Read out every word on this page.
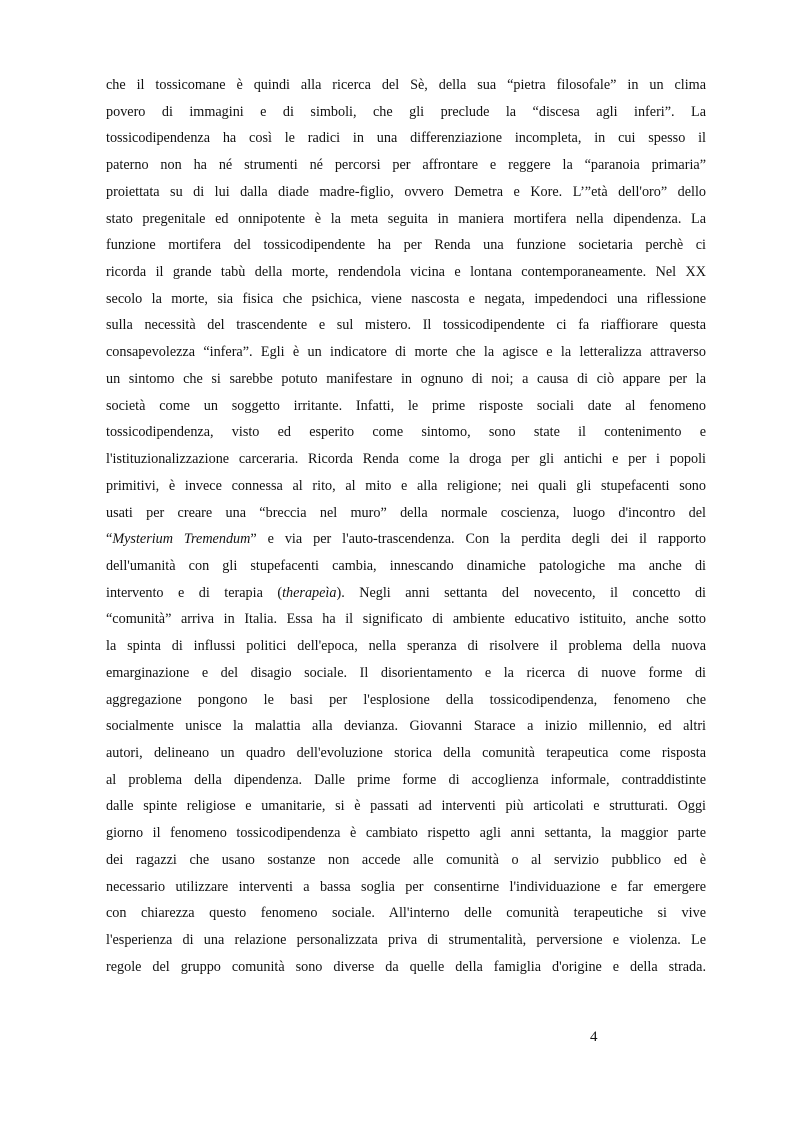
che il tossicomane è quindi alla ricerca del Sè, della sua “pietra filosofale” in un clima
povero di immagini e di simboli, che gli preclude la “discesa agli inferi”. La
tossicodipendenza ha così le radici in una differenziazione incompleta, in cui spesso il
paterno non ha né strumenti né percorsi per affrontare e reggere la “paranoia primaria”
proiettata su di lui dalla diade madre-figlio, ovvero Demetra e Kore. L’”età dell'oro” dello
stato pregenitale ed onnipotente è la meta seguita in maniera mortifera nella dipendenza. La
funzione mortifera del tossicodipendente ha per Renda una funzione societaria perchè ci
ricorda il grande tabù della morte, rendendola vicina e lontana contemporaneamente. Nel XX
secolo la morte, sia fisica che psichica, viene nascosta e negata, impedendoci una riflessione
sulla necessità del trascendente e sul mistero. Il tossicodipendente ci fa riaffiorare questa
consapevolezza “infera”. Egli è un indicatore di morte che la agisce e la letteralizza attraverso
un sintomo che si sarebbe potuto manifestare in ognuno di noi; a causa di ciò appare per la
società come un soggetto irritante. Infatti, le prime risposte sociali date al fenomeno
tossicodipendenza, visto ed esperito come sintomo, sono state il contenimento e
l'istituzionalizzazione carceraria. Ricorda Renda come la droga per gli antichi e per i popoli
primitivi, è invece connessa al rito, al mito e alla religione; nei quali gli stupefacenti sono
usati per creare una “breccia nel muro” della normale coscienza, luogo d'incontro del
“Mysterium Tremendum” e via per l'auto-trascendenza. Con la perdita degli dei il rapporto
dell'umanità con gli stupefacenti cambia, innescando dinamiche patologiche ma anche di
intervento e di terapia (therapeìa). Negli anni settanta del novecento, il concetto di
“comunità” arriva in Italia. Essa ha il significato di ambiente educativo istituito, anche sotto
la spinta di influssi politici dell'epoca, nella speranza di risolvere il problema della nuova
emarginazione e del disagio sociale. Il disorientamento e la ricerca di nuove forme di
aggregazione pongono le basi per l'esplosione della tossicodipendenza, fenomeno che
socialmente unisce la malattia alla devianza. Giovanni Starace a inizio millennio, ed altri
autori, delineano un quadro dell'evoluzione storica della comunità terapeutica come risposta
al problema della dipendenza. Dalle prime forme di accoglienza informale, contraddistinte
dalle spinte religiose e umanitarie, si è passati ad interventi più articolati e strutturati. Oggi
giorno il fenomeno tossicodipendenza è cambiato rispetto agli anni settanta, la maggior parte
dei ragazzi che usano sostanze non accede alle comunità o al servizio pubblico ed è
necessario utilizzare interventi a bassa soglia per consentirne l'individuazione e far emergere
con chiarezza questo fenomeno sociale. All'interno delle comunità terapeutiche si vive
l'esperienza di una relazione personalizzata priva di strumentalità, perversione e violenza. Le
regole del gruppo comunità sono diverse da quelle della famiglia d'origine e della strada.
4
